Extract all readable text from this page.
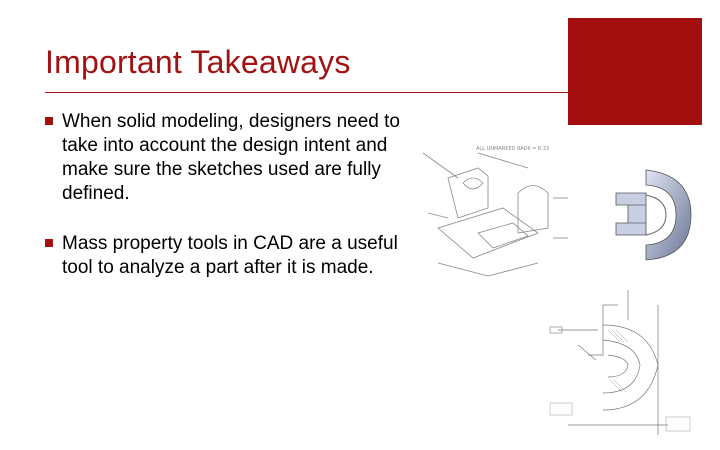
Important Takeaways
When solid modeling, designers need to take into account the design intent and make sure the sketches used are fully defined.
Mass property tools in CAD are a useful tool to analyze a part after it is made.
ALL UNMARKED RADII = R.33
